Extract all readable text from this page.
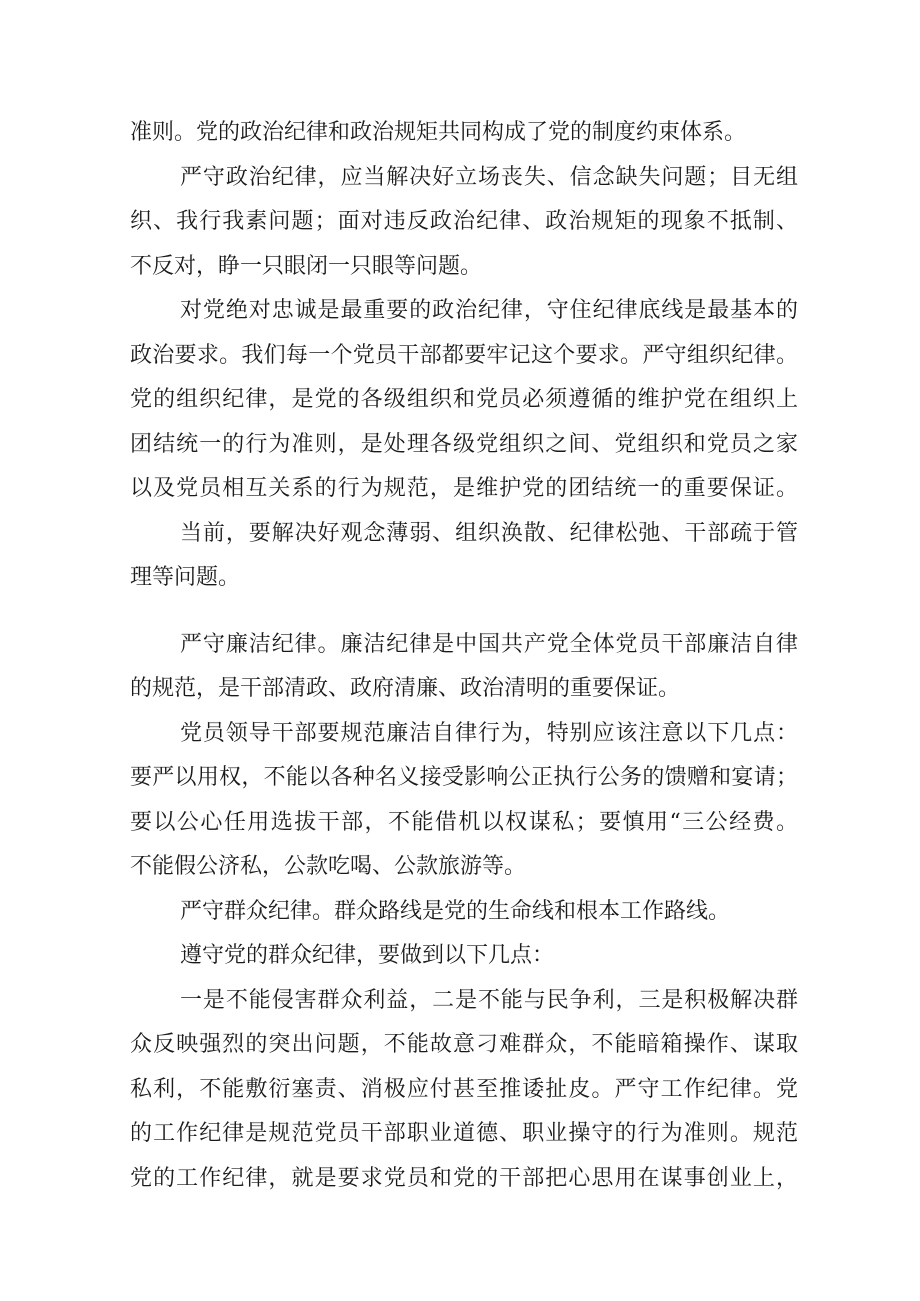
准则。党的政治纪律和政治规矩共同构成了党的制度约束体系。
严守政治纪律，应当解决好立场丧失、信念缺失问题；目无组
织、我行我素问题；面对违反政治纪律、政治规矩的现象不抵制、
不反对，睁一只眼闭一只眼等问题。
对党绝对忠诚是最重要的政治纪律，守住纪律底线是最基本的
政治要求。我们每一个党员干部都要牢记这个要求。严守组织纪律。
党的组织纪律，是党的各级组织和党员必须遵循的维护党在组织上
团结统一的行为准则，是处理各级党组织之间、党组织和党员之家
以及党员相互关系的行为规范，是维护党的团结统一的重要保证。
当前，要解决好观念薄弱、组织涣散、纪律松弛、干部疏于管
理等问题。
严守廉洁纪律。廉洁纪律是中国共产党全体党员干部廉洁自律
的规范，是干部清政、政府清廉、政治清明的重要保证。
党员领导干部要规范廉洁自律行为，特别应该注意以下几点：
要严以用权，不能以各种名义接受影响公正执行公务的馈赠和宴请；
要以公心任用选拔干部，不能借机以权谋私；要慎用“三公经费。
不能假公济私，公款吃喝、公款旅游等。
严守群众纪律。群众路线是党的生命线和根本工作路线。
遵守党的群众纪律，要做到以下几点：
一是不能侵害群众利益，二是不能与民争利，三是积极解决群
众反映强烈的突出问题，不能故意刁难群众，不能暗箱操作、谋取
私利，不能敷衍塞责、消极应付甚至推诿扯皮。严守工作纪律。党
的工作纪律是规范党员干部职业道德、职业操守的行为准则。规范
党的工作纪律，就是要求党员和党的干部把心思用在谋事创业上，
